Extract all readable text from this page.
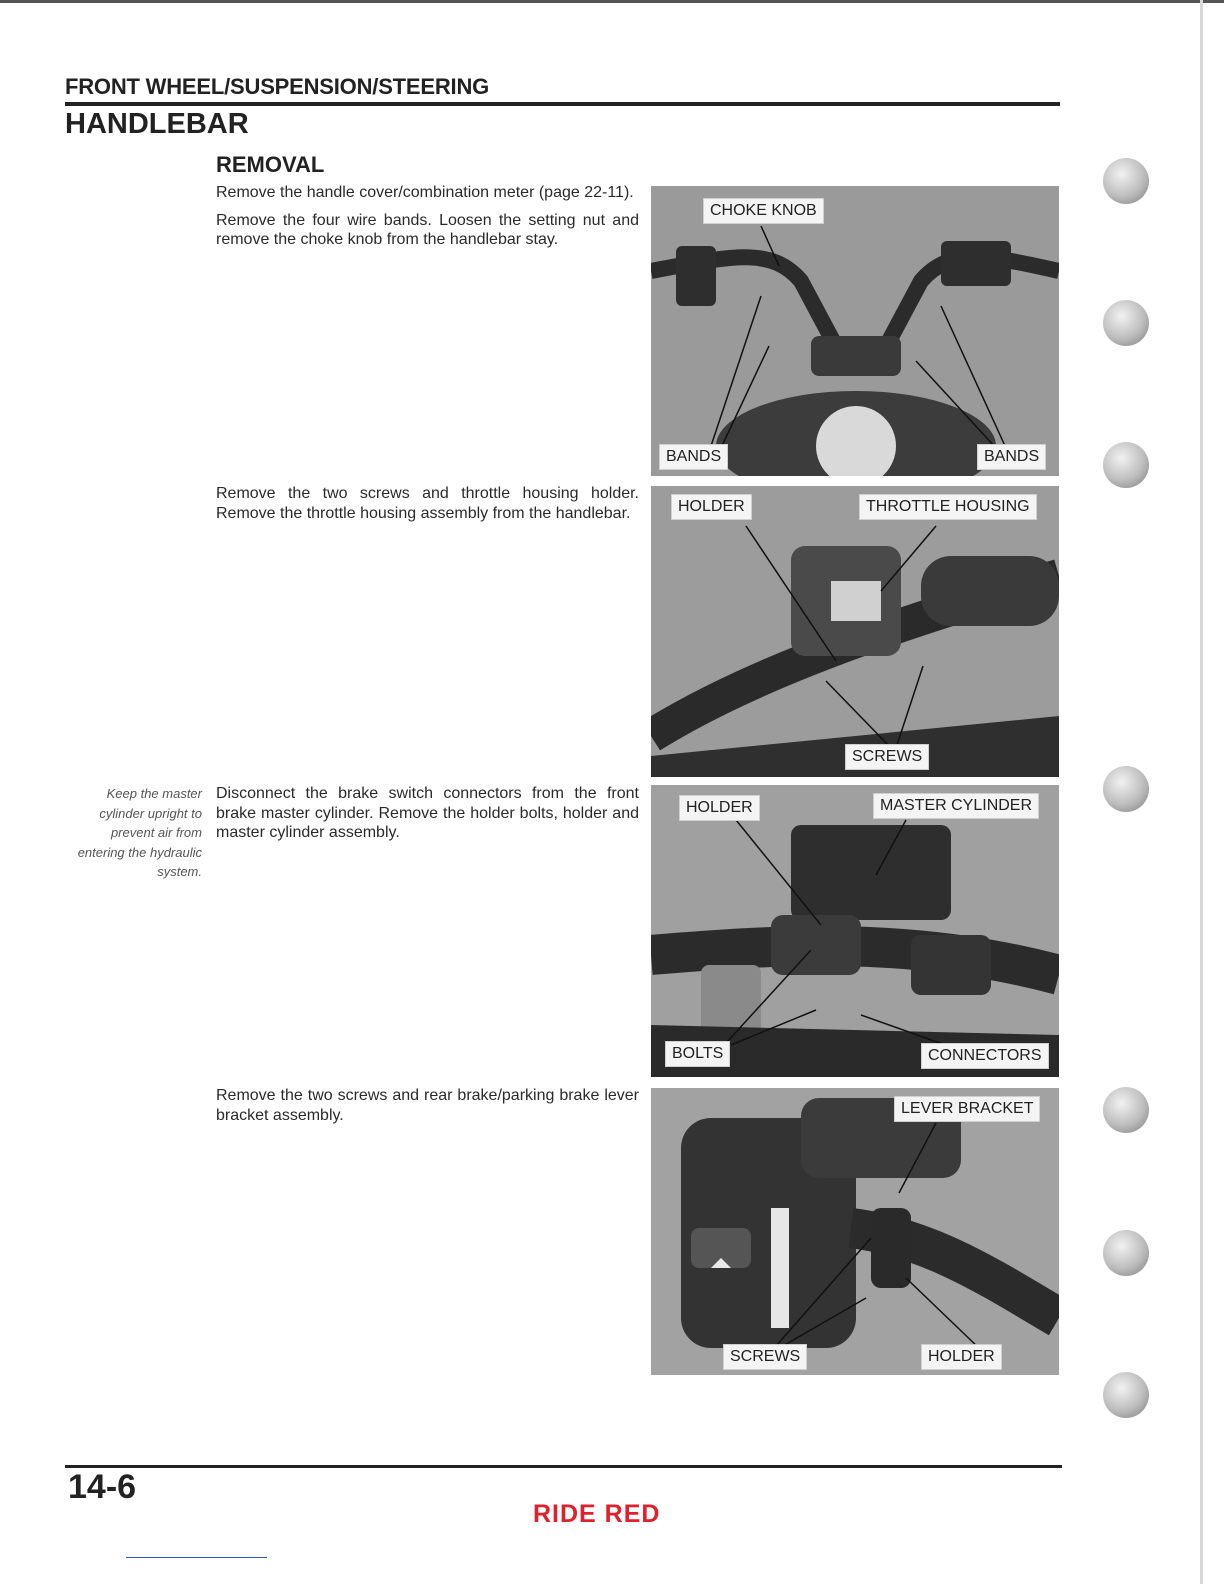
FRONT WHEEL/SUSPENSION/STEERING
HANDLEBAR
REMOVAL

Remove the handle cover/combination meter (page 22-11).

Remove the four wire bands. Loosen the setting nut and remove the choke knob from the handlebar stay.

CHOKE KNOB
BANDS	BANDS

Remove the two screws and throttle housing holder. Remove the throttle housing assembly from the handlebar.	HOLDER	THROTTLE HOUSING
SCREWS
Keep the master cylinder upright to prevent air from entering the hydraulic system.

Disconnect the brake switch connectors from the front brake master cylinder. Remove the holder bolts, holder and master cylinder assembly.

HOLDER	MASTER CYLINDER
BOLTS	CONNECTORS

Remove the two screws and rear brake/parking brake lever bracket assembly.	LEVER BRACKET
SCREWS	HOLDER
14-6
RIDE RED
